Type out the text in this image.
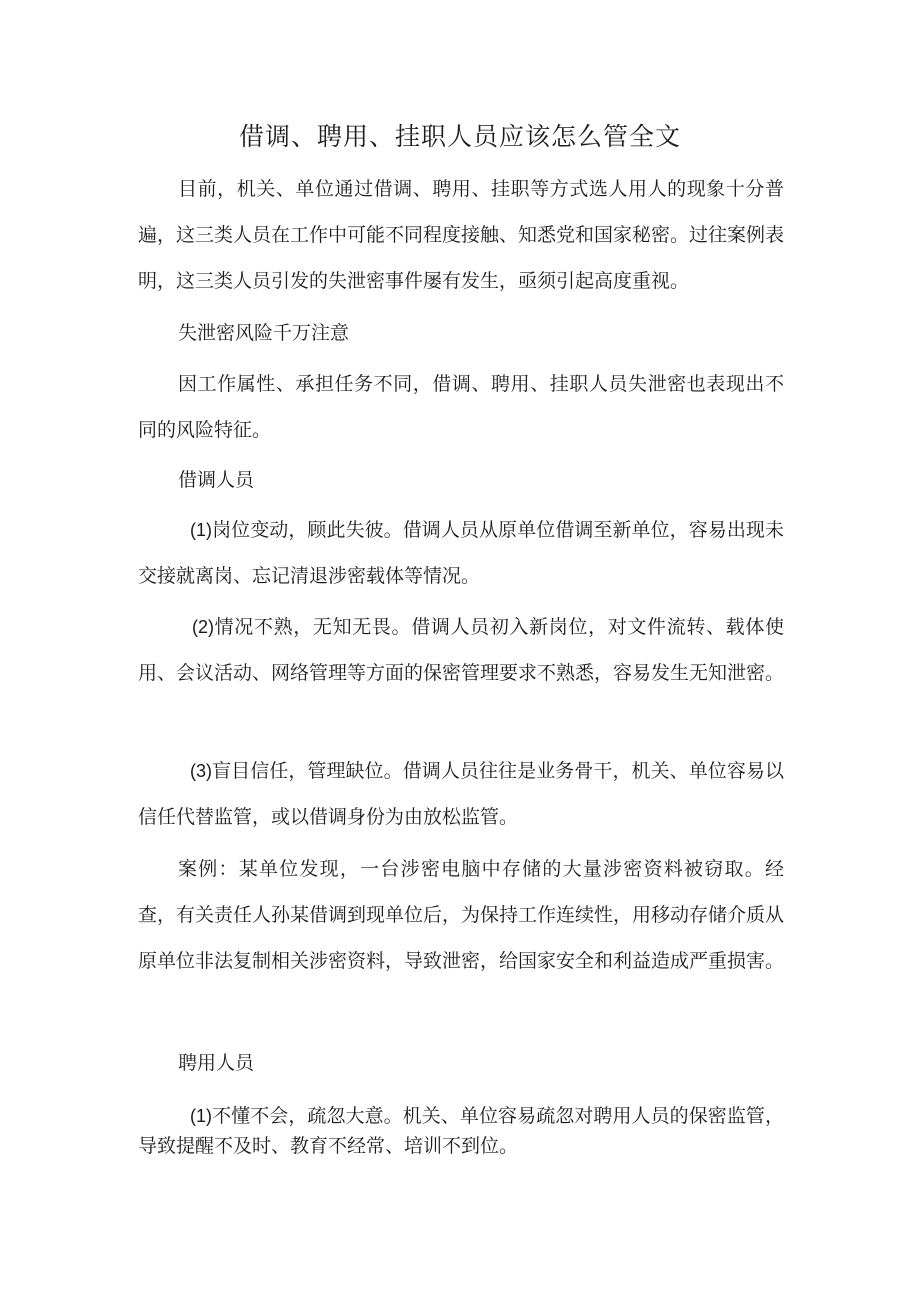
借调、聘用、挂职人员应该怎么管全文

目前，机关、单位通过借调、聘用、挂职等方式选人用人的现象十分普遍，这三类人员在工作中可能不同程度接触、知悉党和国家秘密。过往案例表明，这三类人员引发的失泄密事件屡有发生，亟须引起高度重视。

失泄密风险千万注意

因工作属性、承担任务不同，借调、聘用、挂职人员失泄密也表现出不同的风险特征。

借调人员

(1)岗位变动，顾此失彼。借调人员从原单位借调至新单位，容易出现未交接就离岗、忘记清退涉密载体等情况。

(2)情况不熟，无知无畏。借调人员初入新岗位，对文件流转、载体使用、会议活动、网络管理等方面的保密管理要求不熟悉，容易发生无知泄密。

(3)盲目信任，管理缺位。借调人员往往是业务骨干，机关、单位容易以信任代替监管，或以借调身份为由放松监管。

案例：某单位发现，一台涉密电脑中存储的大量涉密资料被窃取。经查，有关责任人孙某借调到现单位后，为保持工作连续性，用移动存储介质从原单位非法复制相关涉密资料，导致泄密，给国家安全和利益造成严重损害。

聘用人员

(1)不懂不会，疏忽大意。机关、单位容易疏忽对聘用人员的保密监管，导致提醒不及时、教育不经常、培训不到位。
